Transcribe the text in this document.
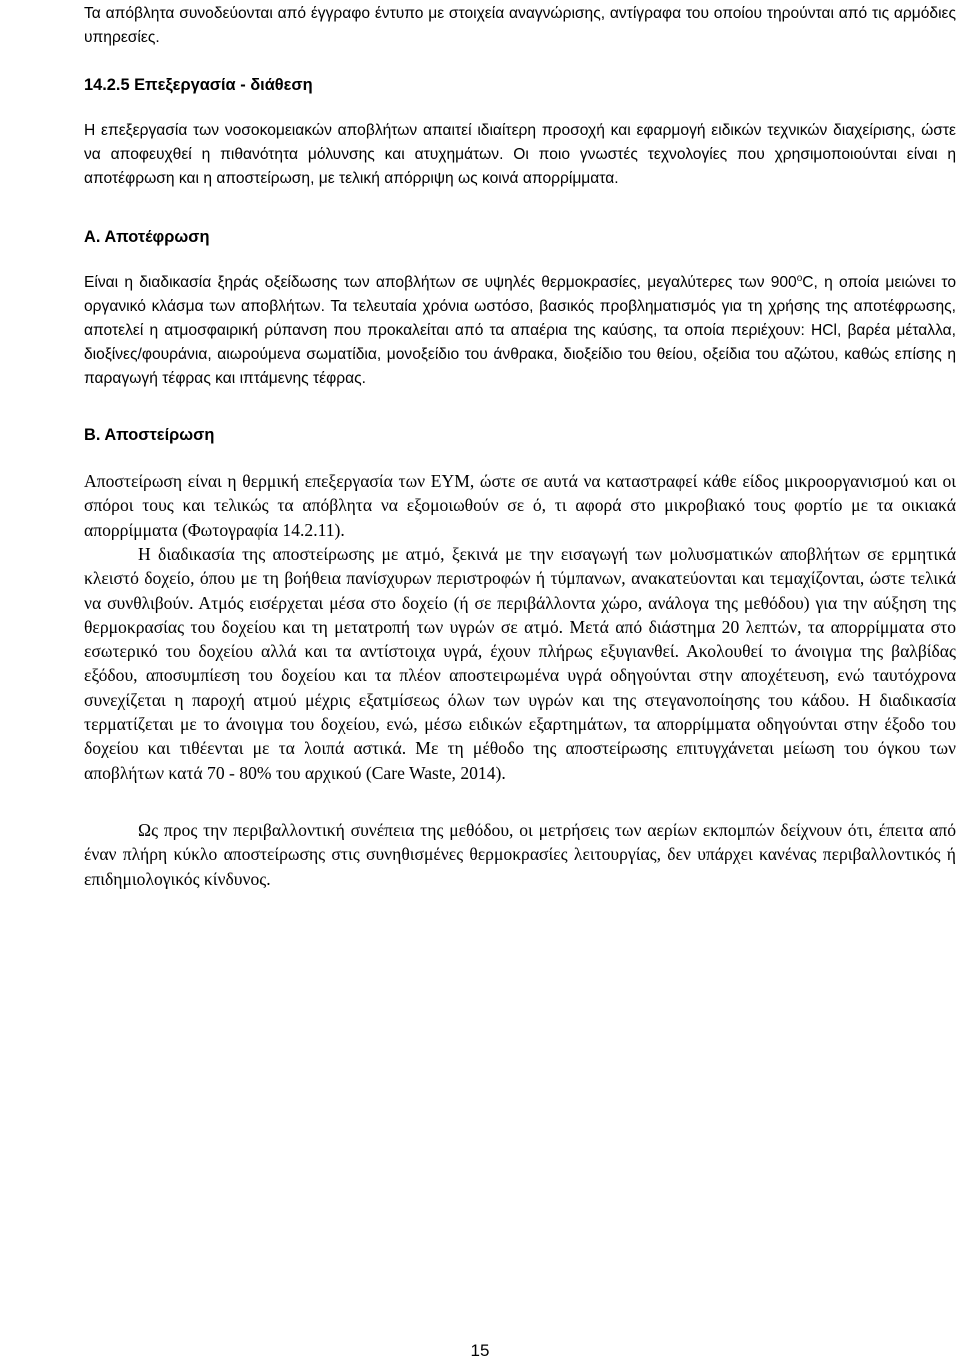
Τα απόβλητα συνοδεύονται από έγγραφο έντυπο με στοιχεία αναγνώρισης, αντίγραφα του οποίου τηρούνται από τις αρμόδιες υπηρεσίες.

14.2.5 Επεξεργασία - διάθεση

Η επεξεργασία των νοσοκομειακών αποβλήτων απαιτεί ιδιαίτερη προσοχή και εφαρμογή ειδικών τεχνικών διαχείρισης, ώστε να αποφευχθεί η πιθανότητα μόλυνσης και ατυχημάτων. Οι ποιο γνωστές τεχνολογίες που χρησιμοποιούνται είναι η αποτέφρωση και η αποστείρωση, με τελική απόρριψη ως κοινά απορρίμματα.

Α. Αποτέφρωση

Είναι η διαδικασία ξηράς οξείδωσης των αποβλήτων σε υψηλές θερμοκρασίες, μεγαλύτερες των 900$^o$C, η οποία μειώνει το οργανικό κλάσμα των αποβλήτων. Τα τελευταία χρόνια ωστόσο, βασικός προβληματισμός για τη χρήσης της αποτέφρωσης, αποτελεί η ατμοσφαιρική ρύπανση που προκαλείται από τα απαέρια της καύσης, τα οποία περιέχουν: HCl, βαρέα μέταλλα, διοξίνες/φουράνια, αιωρούμενα σωματίδια, μονοξείδιο του άνθρακα, διοξείδιο του θείου, οξείδια του αζώτου, καθώς επίσης η παραγωγή τέφρας και ιπτάμενης τέφρας.

Β. Αποστείρωση

Αποστείρωση είναι η θερμική επεξεργασία των ΕΥΜ, ώστε σε αυτά να καταστραφεί κάθε είδος μικροοργανισμού και οι σπόροι τους και τελικώς τα απόβλητα να εξομοιωθούν σε ό, τι αφορά στο μικροβιακό τους φορτίο με τα οικιακά απορρίμματα (Φωτογραφία 14.2.11).

Η διαδικασία της αποστείρωσης με ατμό, ξεκινά με την εισαγωγή των μολυσματικών αποβλήτων σε ερμητικά κλειστό δοχείο, όπου με τη βοήθεια πανίσχυρων περιστροφών ή τύμπανων, ανακατεύονται και τεμαχίζονται, ώστε τελικά να συνθλιβούν. Ατμός εισέρχεται μέσα στο δοχείο (ή σε περιβάλλοντα χώρο, ανάλογα της μεθόδου) για την αύξηση της θερμοκρασίας του δοχείου και τη μετατροπή των υγρών σε ατμό. Μετά από διάστημα 20 λεπτών, τα απορρίμματα στο εσωτερικό του δοχείου αλλά και τα αντίστοιχα υγρά, έχουν πλήρως εξυγιανθεί. Ακολουθεί το άνοιγμα της βαλβίδας εξόδου, αποσυμπίεση του δοχείου και τα πλέον αποστειρωμένα υγρά οδηγούνται στην αποχέτευση, ενώ ταυτόχρονα συνεχίζεται η παροχή ατμού μέχρις εξατμίσεως όλων των υγρών και της στεγανοποίησης του κάδου. Η διαδικασία τερματίζεται με το άνοιγμα του δοχείου, ενώ, μέσω ειδικών εξαρτημάτων, τα απορρίμματα οδηγούνται στην έξοδο του δοχείου και τιθέενται με τα λοιπά αστικά. Με τη μέθοδο της αποστείρωσης επιτυγχάνεται μείωση του όγκου των αποβλήτων κατά 70 - 80% του αρχικού (Care Waste, 2014).

Ως προς την περιβαλλοντική συνέπεια της μεθόδου, οι μετρήσεις των αερίων εκπομπών δείχνουν ότι, έπειτα από έναν πλήρη κύκλο αποστείρωσης στις συνηθισμένες θερμοκρασίες λειτουργίας, δεν υπάρχει κανένας περιβαλλοντικός ή επιδημιολογικός κίνδυνος.

15
